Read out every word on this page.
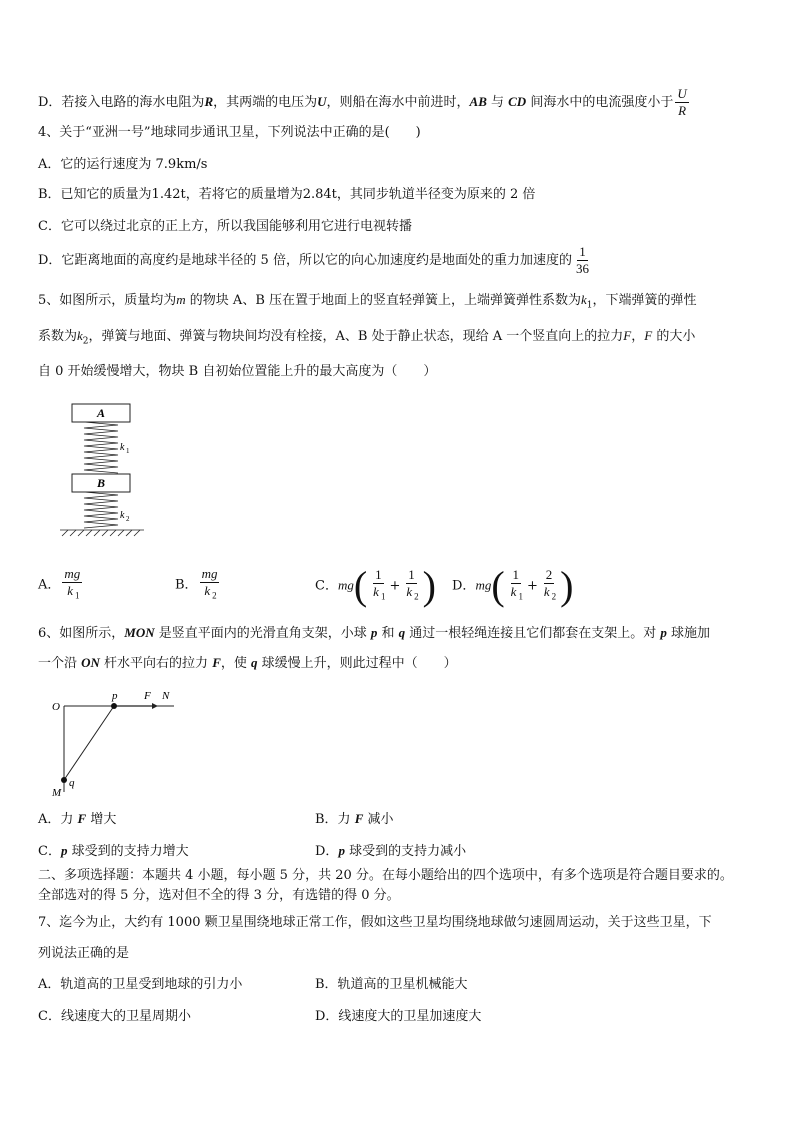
D．若接入电路的海水电阻为R，其两端的电压为U，则船在海水中前进时，AB 与 CD 间海水中的电流强度小于 $\frac{U}{R}$
4、关于“亚洲一号”地球同步通讯卫星，下列说法中正确的是(　　)
A．它的运行速度为 7.9km/s
B．已知它的质量为1.42t，若将它的质量增为2.84t，其同步轨道半径变为原来的 2 倍
C．它可以绕过北京的正上方，所以我国能够利用它进行电视转播
D．它距离地面的高度约是地球半径的 5 倍，所以它的向心加速度约是地面处的重力加速度的 $\frac{1}{36}$
5、如图所示，质量均为m 的物块 A、B 压在置于地面上的竖直轻弹簧上，上端弹簧弹性系数为$k_1$，下端弹簧的弹性
系数为$k_2$，弹簧与地面、弹簧与物块间均没有栓接，A、B 处于静止状态，现给 A 一个竖直向上的拉力F，F 的大小
自 0 开始缓慢增大，物块 B 自初始位置能上升的最大高度为（　　）
A
k 1
B
k 2
A． $\frac{mg}{k _1}$	B． $\frac{mg}{k _2}$	C．$mg( \frac{1}{k _1} + \frac{1}{k _2}$ ) D．$mg( \frac{1}{k _1} + \frac{2}{k _2}$ )
6、如图所示，MON 是竖直平面内的光滑直角支架，小球 p 和 q 通过一根轻绳连接且它们都套在支架上。对 p 球施加
一个沿 ON 杆水平向右的拉力 F，使 q 球缓慢上升，则此过程中（　　）
O
p F N
q
M
A．力 F 增大	B．力 F 减小
C．p 球受到的支持力增大	D．p 球受到的支持力减小
二、多项选择题：本题共 4 小题，每小题 5 分，共 20 分。在每小题给出的四个选项中，有多个选项是符合题目要求的。
全部选对的得 5 分，选对但不全的得 3 分，有选错的得 0 分。
7、迄今为止，大约有 1000 颗卫星围绕地球正常工作，假如这些卫星均围绕地球做匀速圆周运动，关于这些卫星，下
列说法正确的是
A．轨道高的卫星受到地球的引力小	B．轨道高的卫星机械能大
C．线速度大的卫星周期小	D．线速度大的卫星加速度大
